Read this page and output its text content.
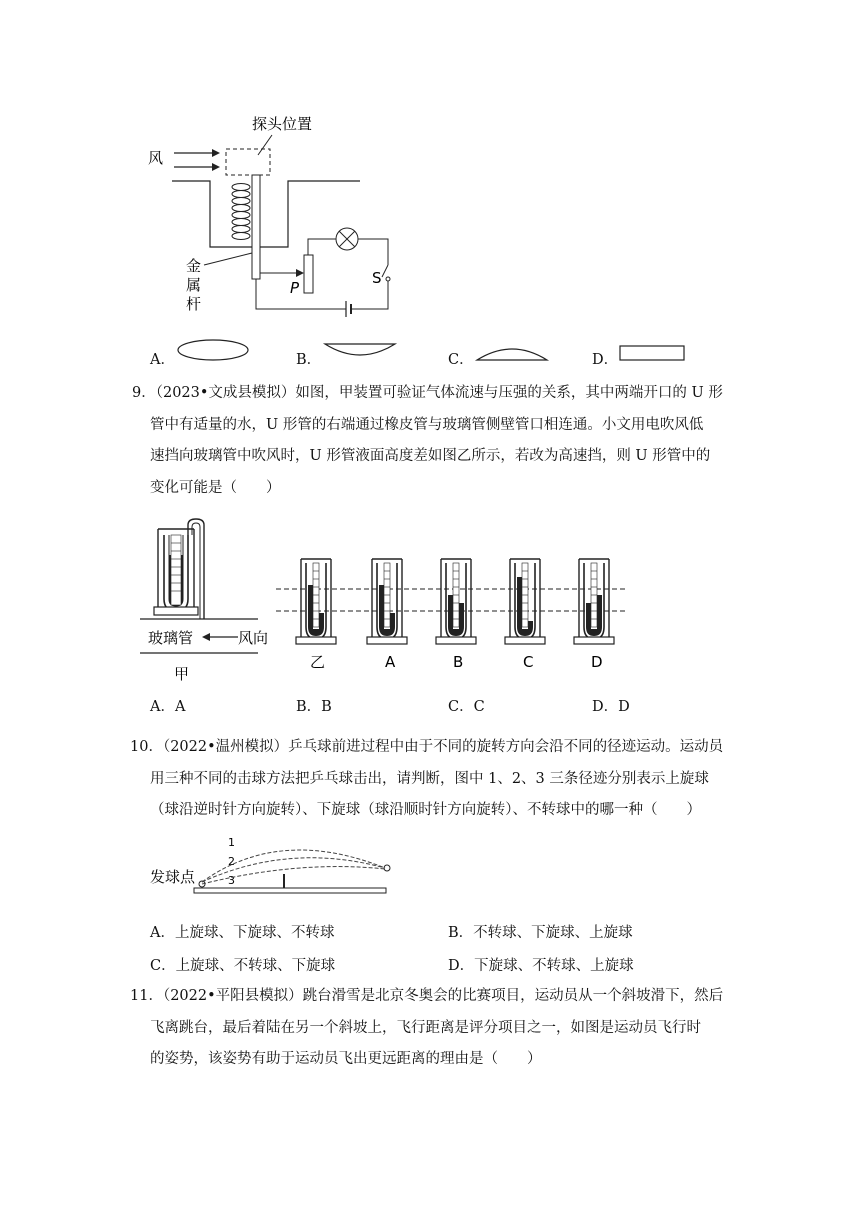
探头位置
风
金
属
杆
P
S
A．	B．	C．	D．
9．（2023•文成县模拟）如图，甲装置可验证气体流速与压强的关系，其中两端开口的 U 形
管中有适量的水，U 形管的右端通过橡皮管与玻璃管侧壁管口相连通。小文用电吹风低
速挡向玻璃管中吹风时，U 形管液面高度差如图乙所示，若改为高速挡，则 U 形管中的
变化可能是（　　）
玻璃管	风向
甲
乙	A	B	C	D
A．A	B．B	C．C	D．D
10．（2022•温州模拟）乒乓球前进过程中由于不同的旋转方向会沿不同的径迹运动。运动员
用三种不同的击球方法把乒乓球击出，请判断，图中 1、2、3 三条径迹分别表示上旋球
（球沿逆时针方向旋转）、下旋球（球沿顺时针方向旋转）、不转球中的哪一种（　　）
发球点
1
2
3
A．上旋球、下旋球、不转球	B．不转球、下旋球、上旋球
C．上旋球、不转球、下旋球	D．下旋球、不转球、上旋球
11．（2022•平阳县模拟）跳台滑雪是北京冬奥会的比赛项目，运动员从一个斜坡滑下，然后
飞离跳台，最后着陆在另一个斜坡上，飞行距离是评分项目之一，如图是运动员飞行时
的姿势，该姿势有助于运动员飞出更远距离的理由是（　　）
